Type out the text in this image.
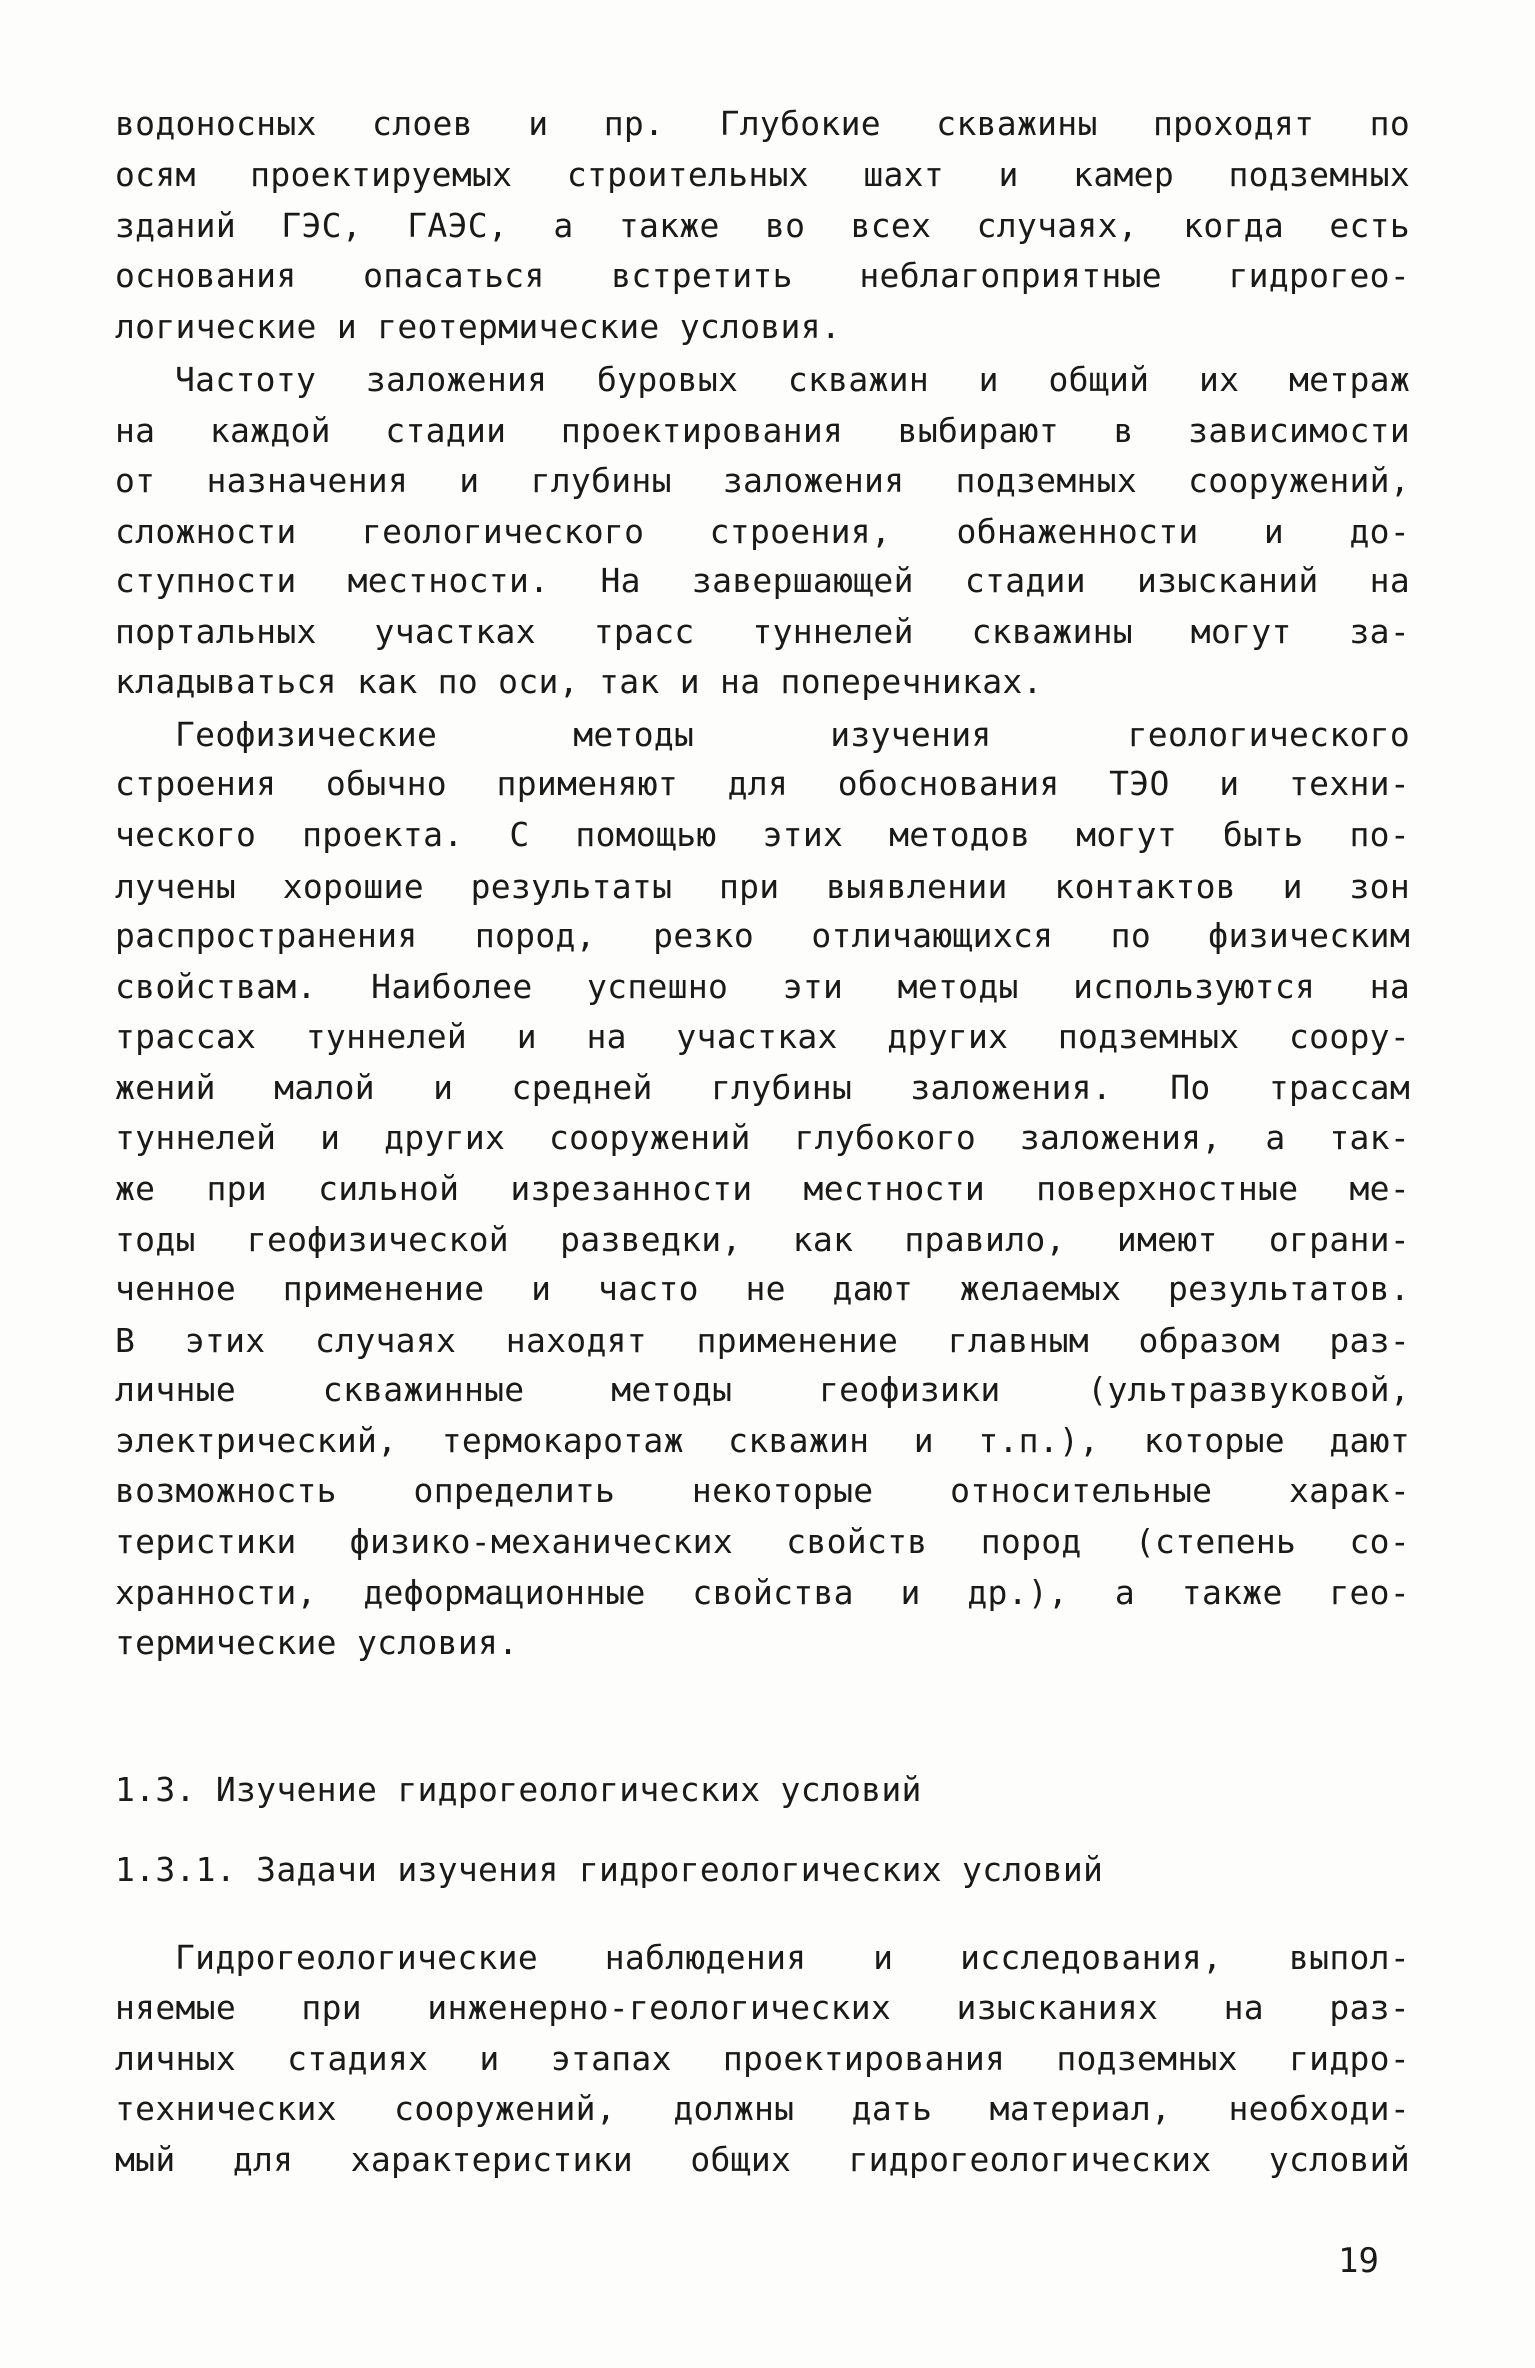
водоносных слоев и пр. Глубокие скважины проходят по
осям проектируемых строительных шахт и камер подземных
зданий ГЭС, ГАЭС, а также во всех случаях, когда есть
основания опасаться встретить неблагоприятные гидрогео-
логические и геотермические условия.
Частоту заложения буровых скважин и общий их метраж
на каждой стадии проектирования выбирают в зависимости
от назначения и глубины заложения подземных сооружений,
сложности геологического строения, обнаженности и до-
ступности местности. На завершающей стадии изысканий на
портальных участках трасс туннелей скважины могут за-
кладываться как по оси, так и на поперечниках.
Геофизические методы изучения геологического
строения обычно применяют для обоснования ТЭО и техни-
ческого проекта. С помощью этих методов могут быть по-
лучены хорошие результаты при выявлении контактов и зон
распространения пород, резко отличающихся по физическим
свойствам. Наиболее успешно эти методы используются на
трассах туннелей и на участках других подземных соору-
жений малой и средней глубины заложения. По трассам
туннелей и других сооружений глубокого заложения, а так-
же при сильной изрезанности местности поверхностные ме-
тоды геофизической разведки, как правило, имеют ограни-
ченное применение и часто не дают желаемых результатов.
В этих случаях находят применение главным образом раз-
личные скважинные методы геофизики (ультразвуковой,
электрический, термокаротаж скважин и т.п.), которые дают
возможность определить некоторые относительные харак-
теристики физико-механических свойств пород (степень со-
хранности, деформационные свойства и др.), а также гео-
термические условия.
1.3. Изучение гидрогеологических условий
1.3.1. Задачи изучения гидрогеологических условий
Гидрогеологические наблюдения и исследования, выпол-
няемые при инженерно-геологических изысканиях на раз-
личных стадиях и этапах проектирования подземных гидро-
технических сооружений, должны дать материал, необходи-
мый для характеристики общих гидрогеологических условий
19
